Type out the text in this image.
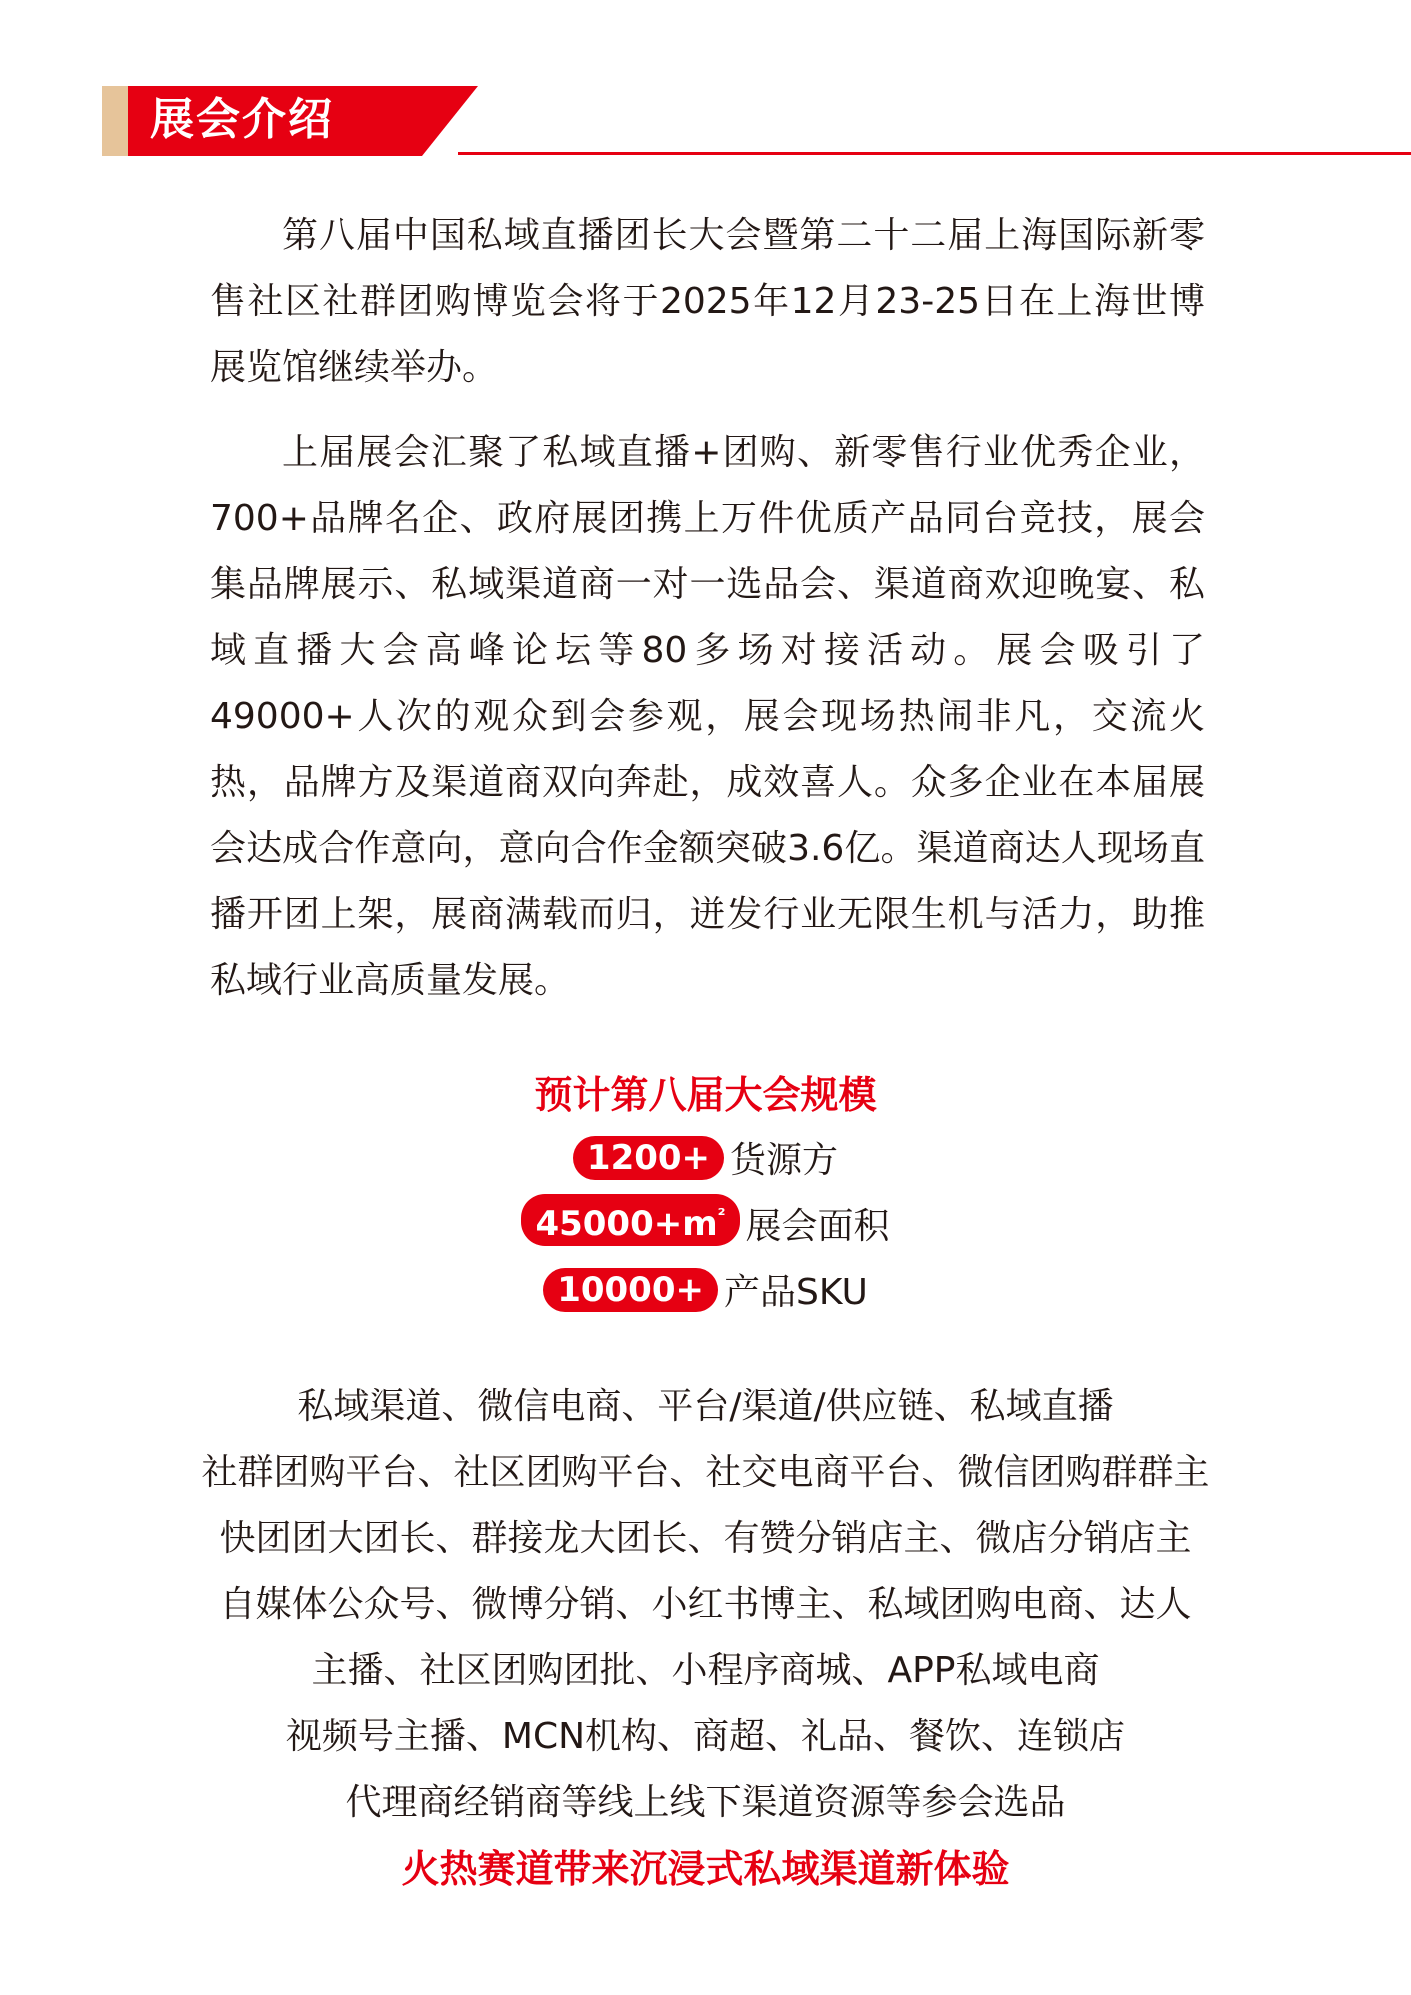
展会介绍

第八届中国私域直播团长大会暨第二十二届上海国际新零售社区社群团购博览会将于2025年12月23-25日在上海世博展览馆继续举办。

上届展会汇聚了私域直播+团购、新零售行业优秀企业，700+品牌名企、政府展团携上万件优质产品同台竞技，展会集品牌展示、私域渠道商一对一选品会、渠道商欢迎晚宴、私域直播大会高峰论坛等80多场对接活动。展会吸引了49000+人次的观众到会参观，展会现场热闹非凡，交流火热，品牌方及渠道商双向奔赴，成效喜人。众多企业在本届展会达成合作意向，意向合作金额突破3.6亿。渠道商达人现场直播开团上架，展商满载而归，迸发行业无限生机与活力，助推私域行业高质量发展。

预计第八届大会规模
1200+ 货源方
$45000+m^{^2}$ 展会面积
10000+ 产品SKU
私域渠道、微信电商、平台/渠道/供应链、私域直播
社群团购平台、社区团购平台、社交电商平台、微信团购群群主
快团团大团长、群接龙大团长、有赞分销店主、微店分销店主
自媒体公众号、微博分销、小红书博主、私域团购电商、达人
主播、社区团购团批、小程序商城、APP私域电商
视频号主播、MCN机构、商超、礼品、餐饮、连锁店
代理商经销商等线上线下渠道资源等参会选品
火热赛道带来沉浸式私域渠道新体验
